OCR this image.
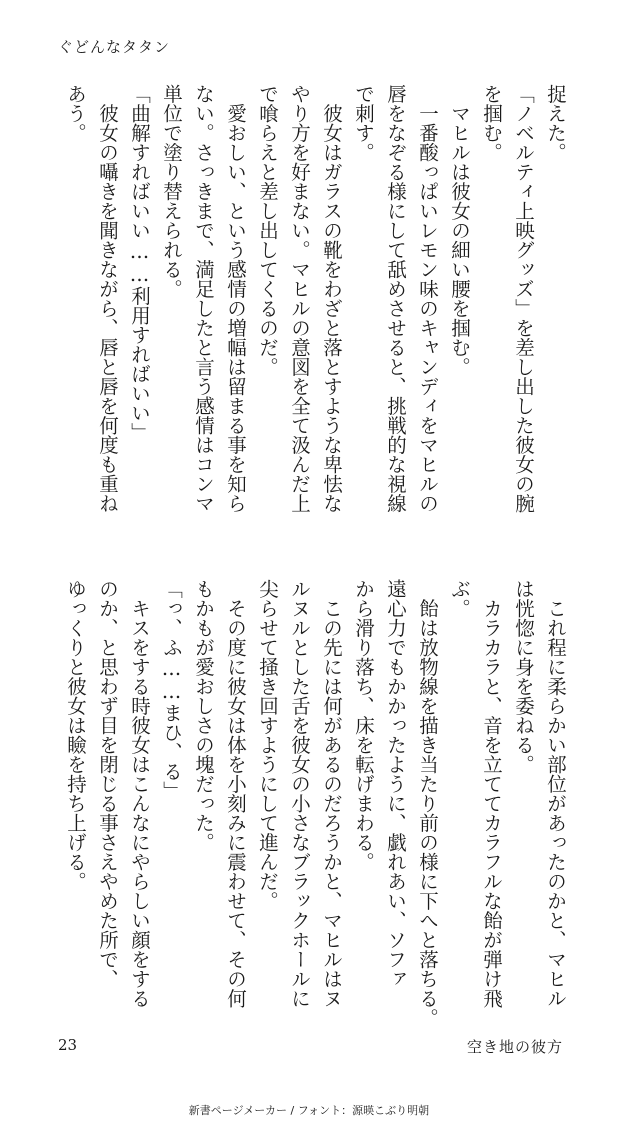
ぐどんなタタン
捉えた。
「ノベルティ上映グッズ」を差し出した彼女の腕
を掴む。
　マヒルは彼女の細い腰を掴む。
　一番酸っぱいレモン味のキャンディをマヒルの
唇をなぞる様にして舐めさせると、挑戦的な視線
で刺す。
　彼女はガラスの靴をわざと落とすような卑怯な
やり方を好まない。マヒルの意図を全て汲んだ上
で喰らえと差し出してくるのだ。
　愛おしい、という感情の増幅は留まる事を知ら
ない。さっきまで、満足したと言う感情はコンマ
単位で塗り替えられる。
「曲解すればいい……利用すればいい」
　彼女の囁きを聞きながら、唇と唇を何度も重ね
あう。
　これ程に柔らかい部位があったのかと、マヒル
は恍惚に身を委ねる。
　カラカラと、音を立ててカラフルな飴が弾け飛
ぶ。
　飴は放物線を描き当たり前の様に下へと落ちる。
遠心力でもかかったように、戯れあい、ソファ
から滑り落ち、床を転げまわる。
　この先には何があるのだろうかと、マヒルはヌ
ルヌルとした舌を彼女の小さなブラックホールに
尖らせて掻き回すようにして進んだ。
　その度に彼女は体を小刻みに震わせて、その何
もかもが愛おしさの塊だった。
「っ、ふ……まひ、る」
　キスをする時彼女はこんなにやらしい顔をする
のか、と思わず目を閉じる事さえやめた所で、
ゆっくりと彼女は瞼を持ち上げる。
23	空き地の彼方
新書ページメーカー / フォント：源暎こぶり明朝
